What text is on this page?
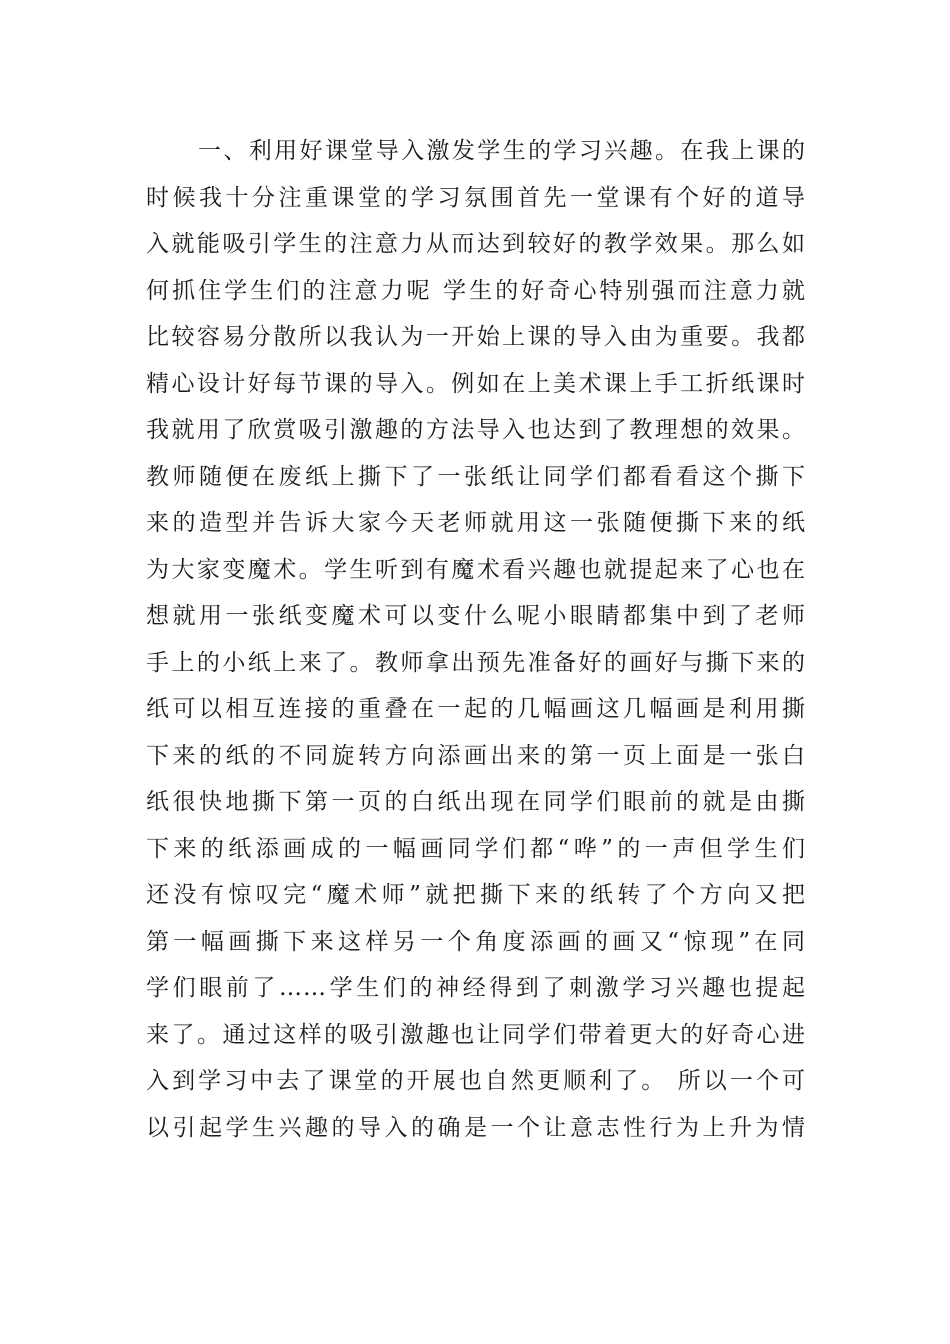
一、利用好课堂导入激发学生的学习兴趣。在我上课的
时候我十分注重课堂的学习氛围首先一堂课有个好的道导
入就能吸引学生的注意力从而达到较好的教学效果。那么如
何抓住学生们的注意力呢 学生的好奇心特别强而注意力就
比较容易分散所以我认为一开始上课的导入由为重要。我都
精心设计好每节课的导入。例如在上美术课上手工折纸课时
我就用了欣赏吸引激趣的方法导入也达到了教理想的效果。
教师随便在废纸上撕下了一张纸让同学们都看看这个撕下
来的造型并告诉大家今天老师就用这一张随便撕下来的纸
为大家变魔术。学生听到有魔术看兴趣也就提起来了心也在
想就用一张纸变魔术可以变什么呢小眼睛都集中到了老师
手上的小纸上来了。教师拿出预先准备好的画好与撕下来的
纸可以相互连接的重叠在一起的几幅画这几幅画是利用撕
下来的纸的不同旋转方向添画出来的第一页上面是一张白
纸很快地撕下第一页的白纸出现在同学们眼前的就是由撕
下来的纸添画成的一幅画同学们都“哗”的一声但学生们
还没有惊叹完“魔术师”就把撕下来的纸转了个方向又把
第一幅画撕下来这样另一个角度添画的画又“惊现”在同
学们眼前了……学生们的神经得到了刺激学习兴趣也提起
来了。通过这样的吸引激趣也让同学们带着更大的好奇心进
入到学习中去了课堂的开展也自然更顺利了。 所以一个可
以引起学生兴趣的导入的确是一个让意志性行为上升为情
